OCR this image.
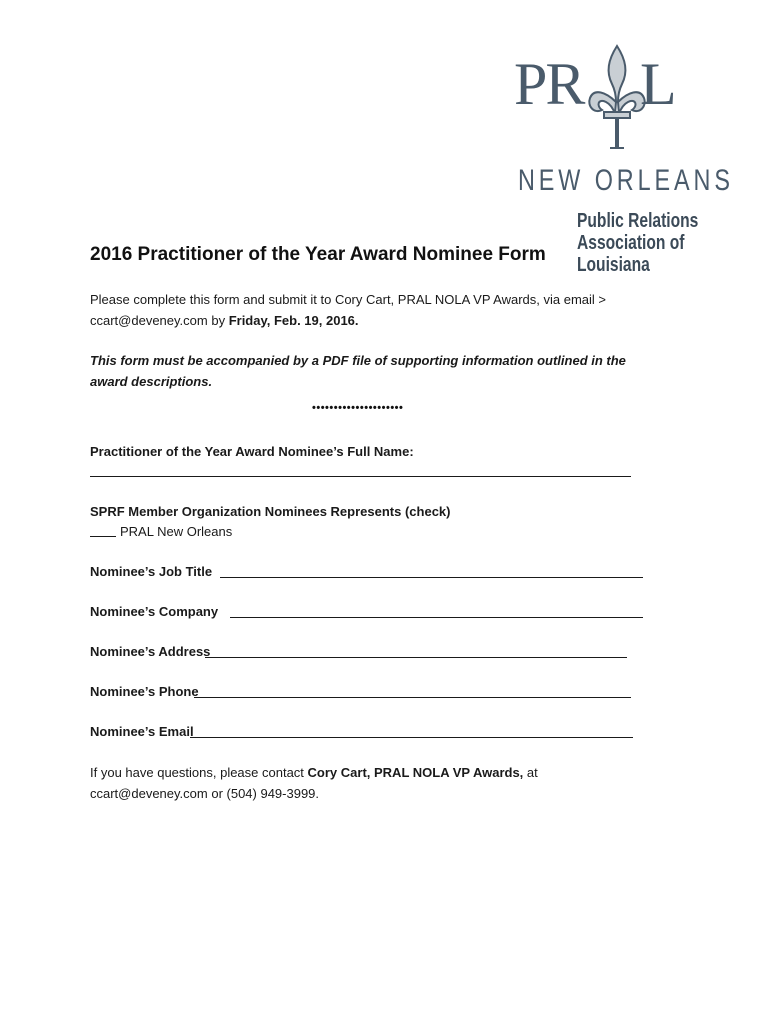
PR L
NEW ORLEANS
Public Relations
Association of
Louisiana
2016 Practitioner of the Year Award Nominee Form
Please complete this form and submit it to Cory Cart, PRAL NOLA VP Awards, via email > ccart@deveney.com by Friday, Feb. 19, 2016.
This form must be accompanied by a PDF file of supporting information outlined in the award descriptions.
•••••••••••••••••••••
Practitioner of the Year Award Nominee’s Full Name:
SPRF Member Organization Nominees Represents (check)
PRAL New Orleans
Nominee’s Job Title
Nominee’s Company
Nominee’s Address
Nominee’s Phone
Nominee’s Email
If you have questions, please contact Cory Cart, PRAL NOLA VP Awards, at ccart@deveney.com or (504) 949-3999.
